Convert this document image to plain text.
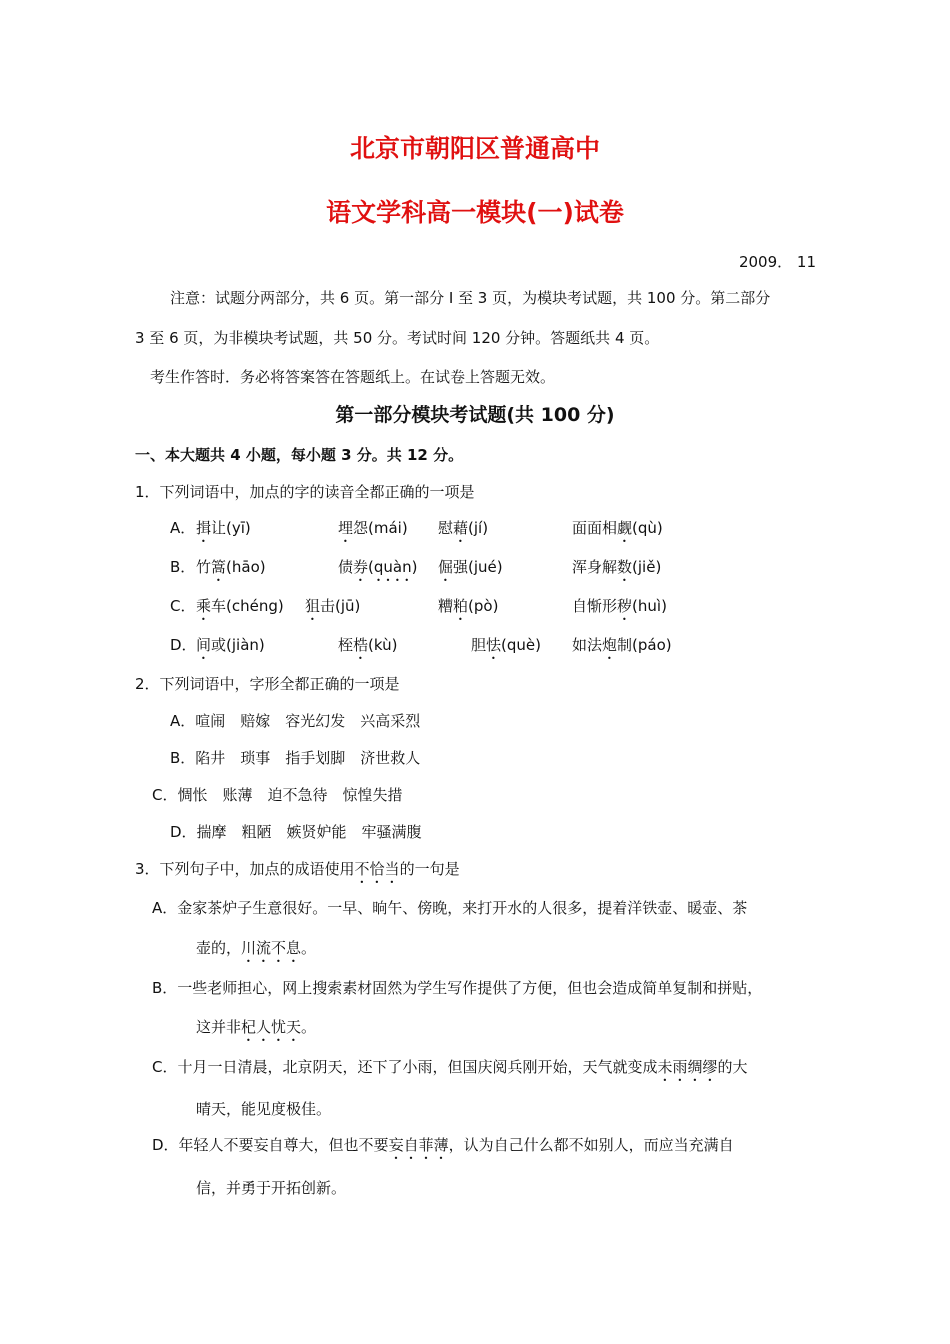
北京市朝阳区普通高中
语文学科高一模块(一)试卷
2009． 11
注意：试题分两部分，共 6 页。第一部分 I 至 3 页，为模块考试题，共 100 分。第二部分
3 至 6 页，为非模块考试题，共 50 分。考试时间 120 分钟。答题纸共 4 页。
考生作答时．务必将答案答在答题纸上。在试卷上答题无效。
第一部分模块考试题(共 100 分)
一、本大题共 4 小题，每小题 3 分。共 12 分。
1．下列词语中，加点的字的读音全都正确的一项是
A． 揖让(yī)	埋怨(mái) 慰藉(jí)	面面相觑(qù)
B． 竹篙(hāo)	债券(quàn) 倔强(jué)	浑身解数(jiě)
C． 乘车(chéng) 狙击(jū)	糟粕(pò)	自惭形秽(huì)
D． 间或(jiàn)	桎梏(kù)	胆怯(què) 如法炮制(páo)
2．下列词语中，字形全都正确的一项是
A．喧闹　赔嫁　容光幻发　兴高采烈
B．陷井　琐事　指手划脚　济世救人
C．惆怅　账薄　迫不急待　惊惶失措
D．揣摩　粗陋　嫉贤妒能　牢骚满腹
3．下列句子中，加点的成语使用不恰当的一句是
A．金家茶炉子生意很好。一早、晌午、傍晚，来打开水的人很多，提着洋铁壶、暖壶、茶
壶的，川流不息。
B．一些老师担心，网上搜索素材固然为学生写作提供了方便，但也会造成简单复制和拼贴，
这并非杞人忧天。
C．十月一日清晨，北京阴天，还下了小雨，但国庆阅兵刚开始，天气就变成未雨绸缪的大
晴天，能见度极佳。
D．年轻人不要妄自尊大，但也不要妄自菲薄，认为自己什么都不如别人，而应当充满自
信，并勇于开拓创新。
